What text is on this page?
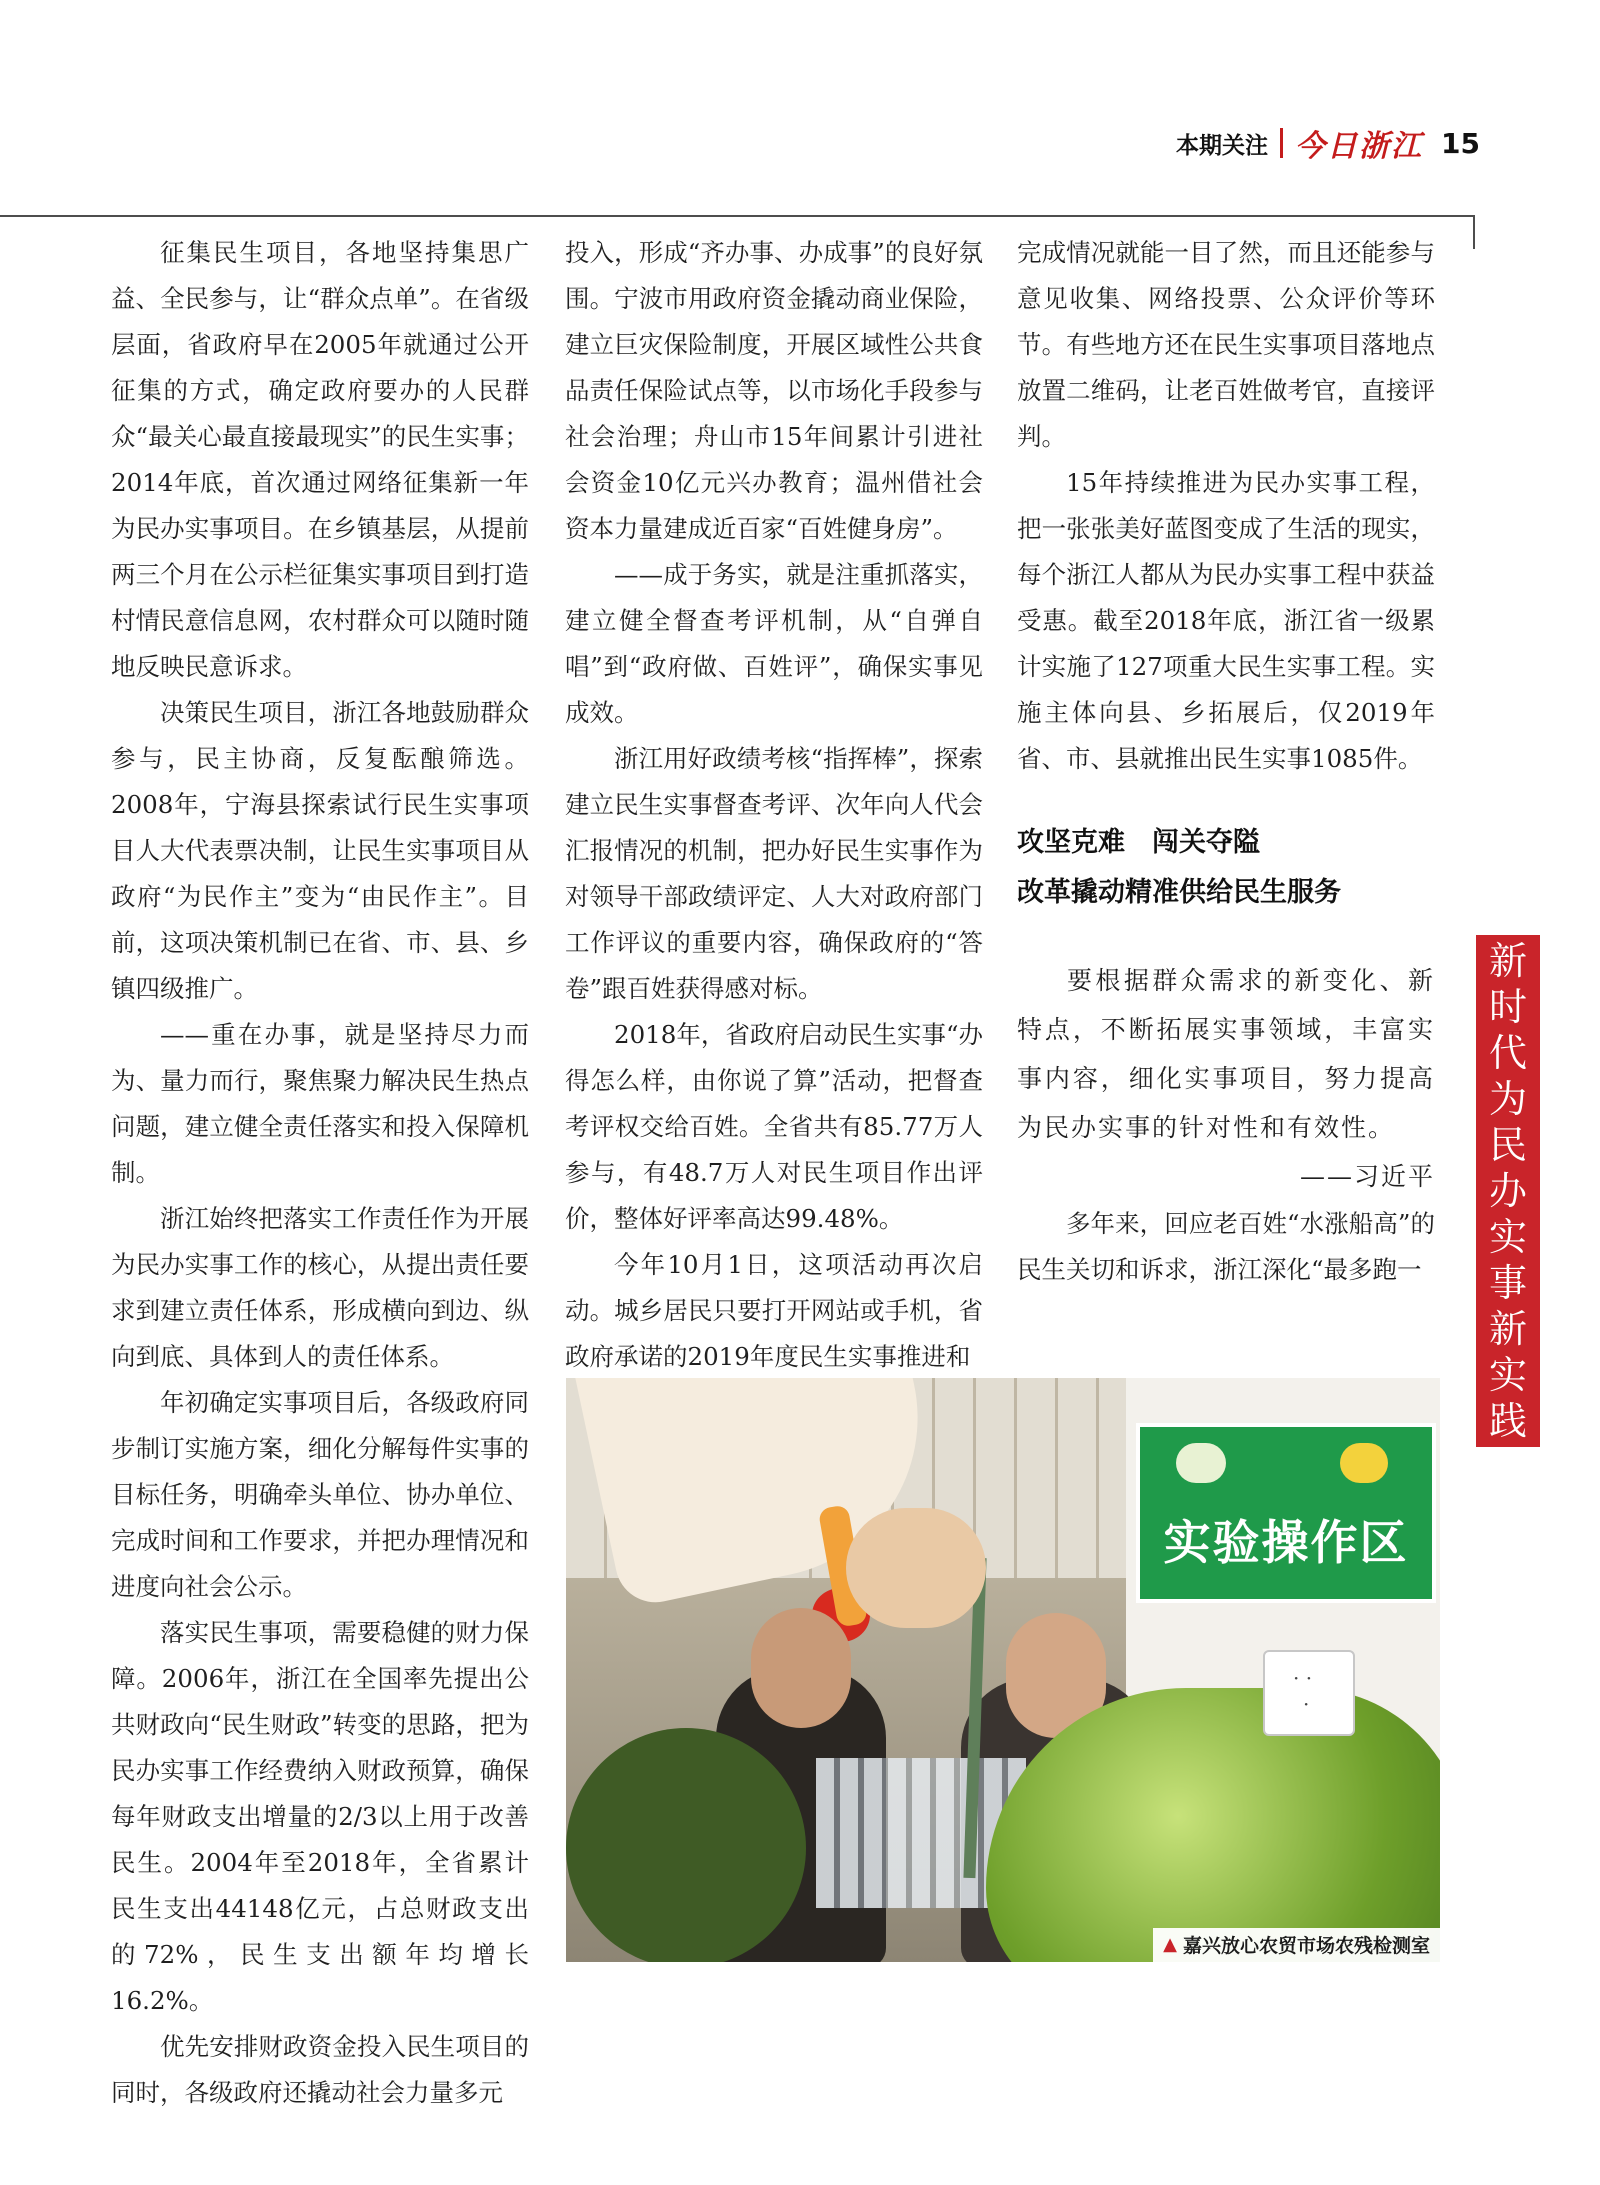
本期关注 今日浙江 15

征集民生项目，各地坚持集思广益、全民参与，让“群众点单”。在省级层面，省政府早在2005年就通过公开征集的方式，确定政府要办的人民群众“最关心最直接最现实”的民生实事；2014年底，首次通过网络征集新一年为民办实事项目。在乡镇基层，从提前两三个月在公示栏征集实事项目到打造村情民意信息网，农村群众可以随时随地反映民意诉求。

决策民生项目，浙江各地鼓励群众参与，民主协商，反复酝酿筛选。2008年，宁海县探索试行民生实事项目人大代表票决制，让民生实事项目从政府“为民作主”变为“由民作主”。目前，这项决策机制已在省、市、县、乡镇四级推广。

——重在办事，就是坚持尽力而为、量力而行，聚焦聚力解决民生热点问题，建立健全责任落实和投入保障机制。

浙江始终把落实工作责任作为开展为民办实事工作的核心，从提出责任要求到建立责任体系，形成横向到边、纵向到底、具体到人的责任体系。

年初确定实事项目后，各级政府同步制订实施方案，细化分解每件实事的目标任务，明确牵头单位、协办单位、完成时间和工作要求，并把办理情况和进度向社会公示。

落实民生事项，需要稳健的财力保障。2006年，浙江在全国率先提出公共财政向“民生财政”转变的思路，把为民办实事工作经费纳入财政预算，确保每年财政支出增量的2/3以上用于改善民生。2004年至2018年，全省累计民生支出44148亿元，占总财政支出的72%，民生支出额年均增长16.2%。

优先安排财政资金投入民生项目的同时，各级政府还撬动社会力量多元

投入，形成“齐办事、办成事”的良好氛围。宁波市用政府资金撬动商业保险，建立巨灾保险制度，开展区域性公共食品责任保险试点等，以市场化手段参与社会治理；舟山市15年间累计引进社会资金10亿元兴办教育；温州借社会资本力量建成近百家“百姓健身房”。

——成于务实，就是注重抓落实，建立健全督查考评机制，从“自弹自唱”到“政府做、百姓评”，确保实事见成效。

浙江用好政绩考核“指挥棒”，探索建立民生实事督查考评、次年向人代会汇报情况的机制，把办好民生实事作为对领导干部政绩评定、人大对政府部门工作评议的重要内容，确保政府的“答卷”跟百姓获得感对标。

2018年，省政府启动民生实事“办得怎么样，由你说了算”活动，把督查考评权交给百姓。全省共有85.77万人参与，有48.7万人对民生项目作出评价，整体好评率高达99.48%。

今年10月1日，这项活动再次启动。城乡居民只要打开网站或手机，省政府承诺的2019年度民生实事推进和

完成情况就能一目了然，而且还能参与意见收集、网络投票、公众评价等环节。有些地方还在民生实事项目落地点放置二维码，让老百姓做考官，直接评判。

15年持续推进为民办实事工程，把一张张美好蓝图变成了生活的现实，每个浙江人都从为民办实事工程中获益受惠。截至2018年底，浙江省一级累计实施了127项重大民生实事工程。实施主体向县、乡拓展后，仅2019年省、市、县就推出民生实事1085件。

攻坚克难　闯关夺隘
改革撬动精准供给民生服务

要根据群众需求的新变化、新特点，不断拓展实事领域，丰富实事内容，细化实事项目，努力提高为民办实事的针对性和有效性。

——习近平

多年来，回应老百姓“水涨船高”的民生关切和诉求，浙江深化“最多跑一

新
时
代
为
民
办
实
事
新
实
践
实验操作区
· · ·
▲ 嘉兴放心农贸市场农残检测室
